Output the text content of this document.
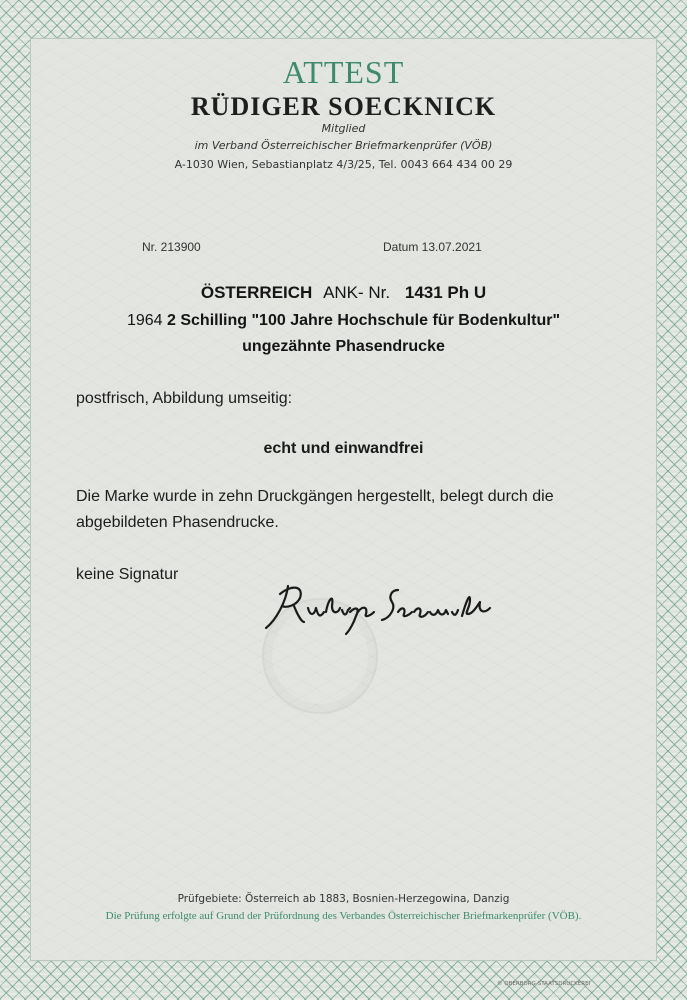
ATTEST
RÜDIGER SOECKNICK
Mitglied
im Verband Österreichischer Briefmarkenprüfer (VÖB)
A-1030 Wien, Sebastianplatz 4/3/25, Tel. 0043 664 434 00 29
Nr. 213900	Datum 13.07.2021
ÖSTERREICH ANK- Nr. 1431 Ph U
1964 2 Schilling "100 Jahre Hochschule für Bodenkultur"
ungezähnte Phasendrucke
postfrisch, Abbildung umseitig:
echt und einwandfrei
Die Marke wurde in zehn Druckgängen hergestellt, belegt durch die
abgebildeten Phasendrucke.
keine Signatur
Prüfgebiete: Österreich ab 1883, Bosnien-Herzegowina, Danzig
Die Prüfung erfolgte auf Grund der Prüfordnung des Verbandes Österreichischer Briefmarkenprüfer (VÖB).
© OBERBORG-STAATSDRUCKEREI
